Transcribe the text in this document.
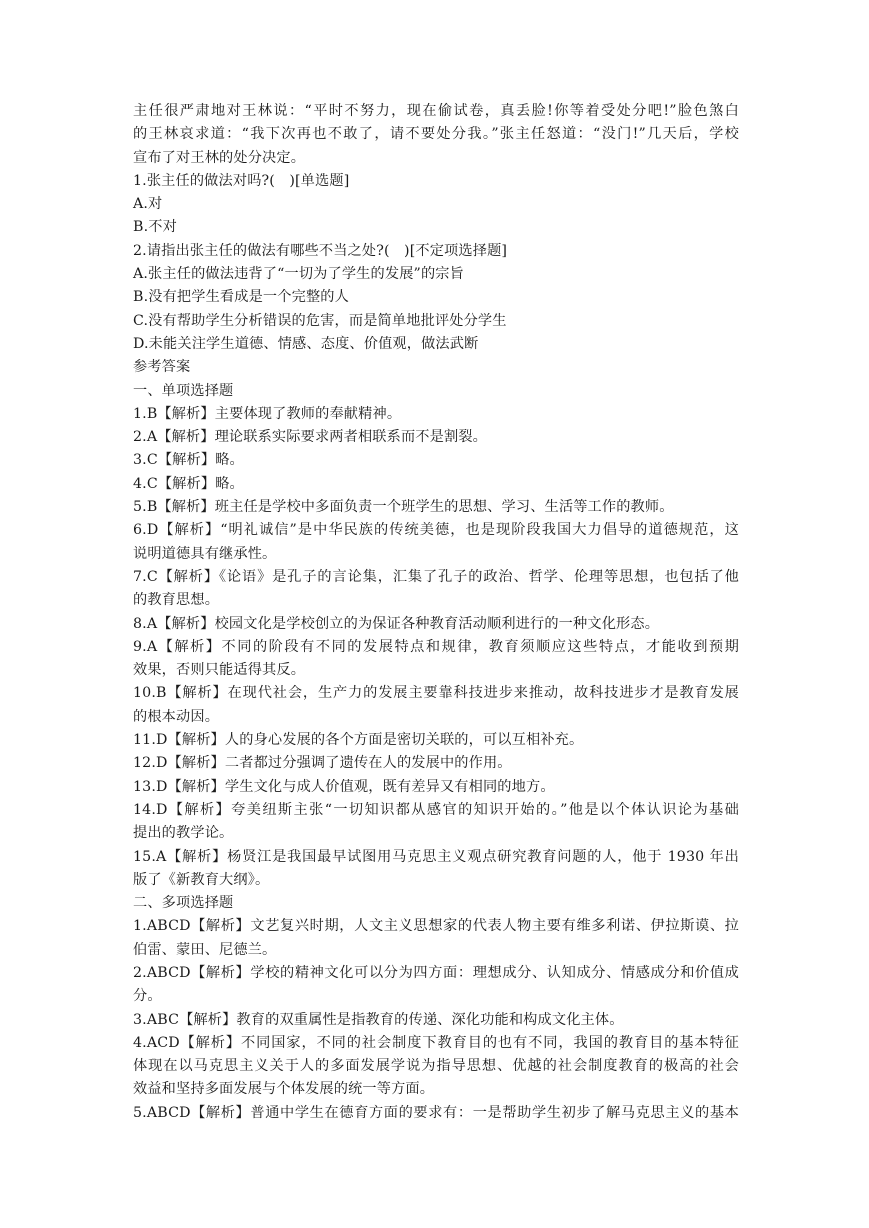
主任很严肃地对王林说：“平时不努力，现在偷试卷，真丢脸!你等着受处分吧!”脸色煞白
的王林哀求道：“我下次再也不敢了，请不要处分我。”张主任怒道：“没门!”几天后，学校
宣布了对王林的处分决定。
1.张主任的做法对吗?(　)[单选题]
A.对
B.不对
2.请指出张主任的做法有哪些不当之处?(　)[不定项选择题]
A.张主任的做法违背了“一切为了学生的发展”的宗旨
B.没有把学生看成是一个完整的人
C.没有帮助学生分析错误的危害，而是简单地批评处分学生
D.未能关注学生道德、情感、态度、价值观，做法武断
参考答案
一、单项选择题
1.B【解析】主要体现了教师的奉献精神。
2.A【解析】理论联系实际要求两者相联系而不是割裂。
3.C【解析】略。
4.C【解析】略。
5.B【解析】班主任是学校中多面负责一个班学生的思想、学习、生活等工作的教师。
6.D【解析】“明礼诚信”是中华民族的传统美德，也是现阶段我国大力倡导的道德规范，这
说明道德具有继承性。
7.C【解析】《论语》是孔子的言论集，汇集了孔子的政治、哲学、伦理等思想，也包括了他
的教育思想。
8.A【解析】校园文化是学校创立的为保证各种教育活动顺利进行的一种文化形态。
9.A【解析】不同的阶段有不同的发展特点和规律，教育须顺应这些特点，才能收到预期
效果，否则只能适得其反。
10.B【解析】在现代社会，生产力的发展主要靠科技进步来推动，故科技进步才是教育发展
的根本动因。
11.D【解析】人的身心发展的各个方面是密切关联的，可以互相补充。
12.D【解析】二者都过分强调了遗传在人的发展中的作用。
13.D【解析】学生文化与成人价值观，既有差异又有相同的地方。
14.D【解析】夸美纽斯主张“一切知识都从感官的知识开始的。”他是以个体认识论为基础
提出的教学论。
15.A【解析】杨贤江是我国最早试图用马克思主义观点研究教育问题的人，他于 1930 年出
版了《新教育大纲》。
二、多项选择题
1.ABCD【解析】文艺复兴时期，人文主义思想家的代表人物主要有维多利诺、伊拉斯谟、拉
伯雷、蒙田、尼德兰。
2.ABCD【解析】学校的精神文化可以分为四方面：理想成分、认知成分、情感成分和价值成
分。
3.ABC【解析】教育的双重属性是指教育的传递、深化功能和构成文化主体。
4.ACD【解析】不同国家，不同的社会制度下教育目的也有不同，我国的教育目的基本特征
体现在以马克思主义关于人的多面发展学说为指导思想、优越的社会制度教育的极高的社会
效益和坚持多面发展与个体发展的统一等方面。
5.ABCD【解析】普通中学生在德育方面的要求有：一是帮助学生初步了解马克思主义的基本
